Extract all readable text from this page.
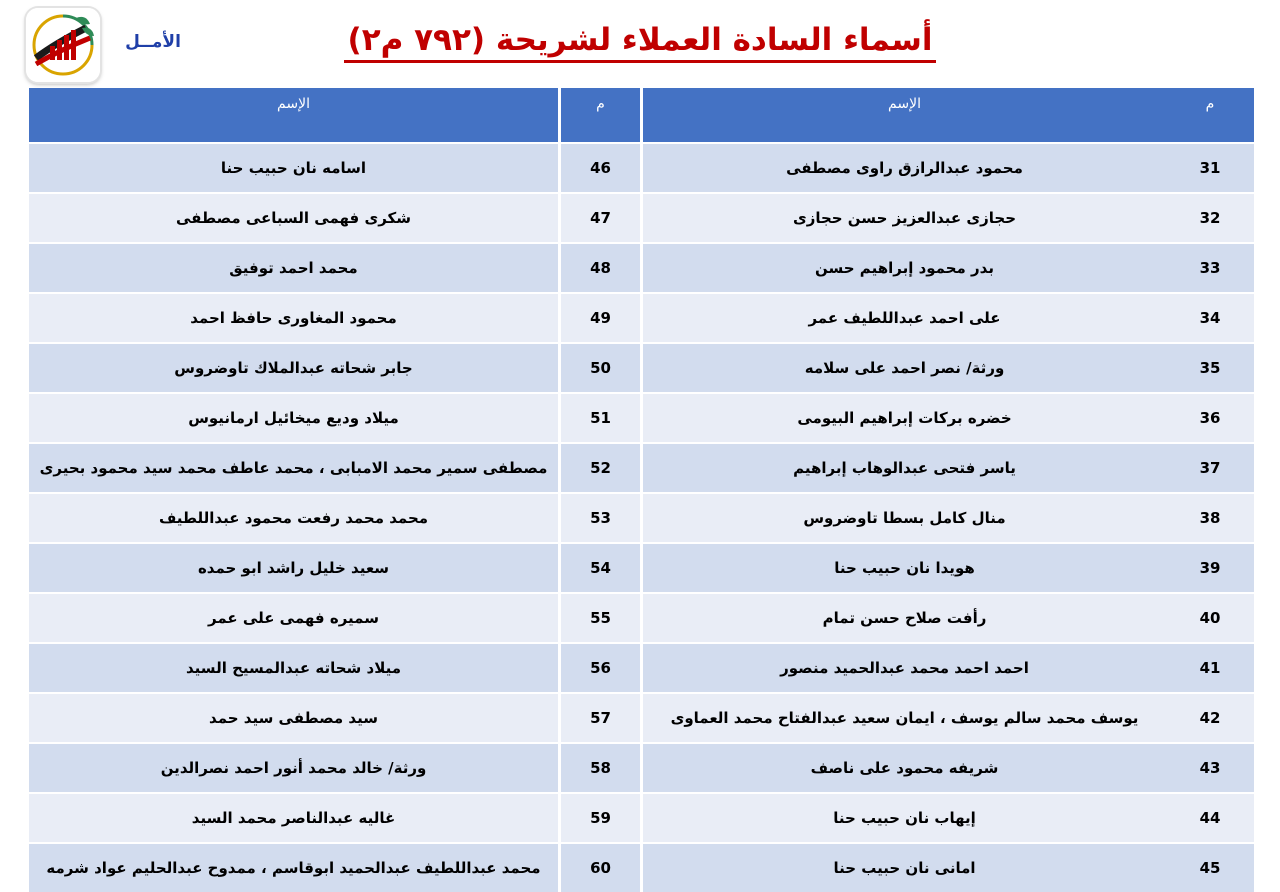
الأمــل	أسماء السادة العملاء لشريحة (٧٩٢ م٢)
م
الإسم
م
الإسم
31
محمود عبدالرازق راوى مصطفى
46
اسامه نان حبيب حنا
32
حجازى عبدالعزيز حسن حجازى
47
شكرى فهمى السباعى مصطفى
33
بدر محمود إبراهيم حسن
48
محمد احمد توفيق
34
على احمد عبداللطيف عمر
49
محمود المغاورى حافظ احمد
35
ورثة/ نصر احمد على سلامه
50
جابر شحاته عبدالملاك تاوضروس
36
خضره بركات إبراهيم البيومى
51
ميلاد وديع ميخائيل ارمانيوس
37
ياسر فتحى عبدالوهاب إبراهيم
52
مصطفى سمير محمد الامبابى ، محمد عاطف محمد سيد محمود بحيرى
38
منال كامل بسطا تاوضروس
53
محمد محمد رفعت محمود عبداللطيف
39
هويدا نان حبيب حنا
54
سعيد خليل راشد ابو حمده
40
رأفت صلاح حسن تمام
55
سميره فهمى على عمر
41
احمد احمد محمد عبدالحميد منصور
56
ميلاد شحاته عبدالمسيح السيد
42
يوسف محمد سالم يوسف ، ايمان سعيد عبدالفتاح محمد العماوى
57
سيد مصطفى سيد حمد
43
شريفه محمود على ناصف
58
ورثة/ خالد محمد أنور احمد نصرالدين
44
إيهاب نان حبيب حنا
59
غاليه عبدالناصر محمد السيد
45
امانى نان حبيب حنا
60
محمد عبداللطيف عبدالحميد ابوقاسم ، ممدوح عبدالحليم عواد شرمه
